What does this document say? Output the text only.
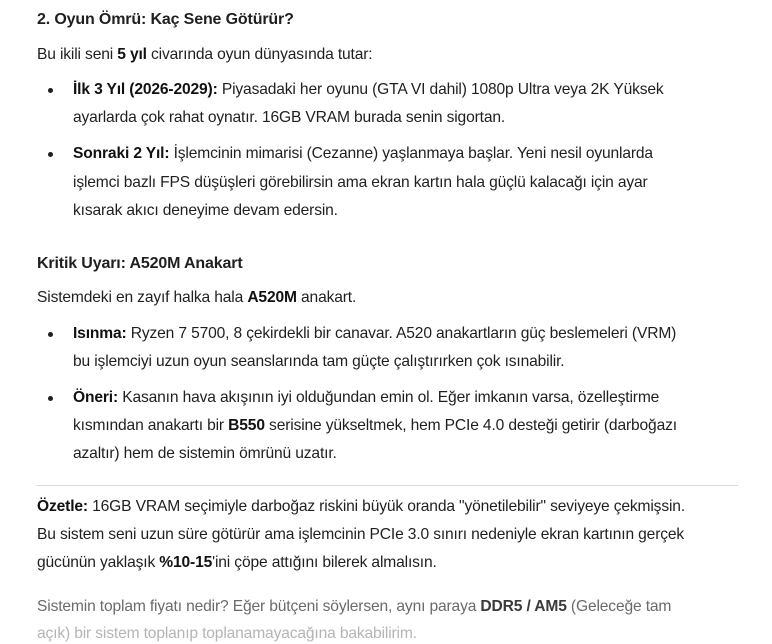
2. Oyun Ömrü: Kaç Sene Götürür?
Kritik Uyarı: A520M Anakart
Bu ikili seni 5 yıl civarında oyun dünyasında tutar:
İlk 3 Yıl (2026-2029): Piyasadaki her oyunu (GTA VI dahil) 1080p Ultra veya 2K Yüksek
ayarlarda çok rahat oynatır. 16GB VRAM burada senin sigortan.
Sonraki 2 Yıl: İşlemcinin mimarisi (Cezanne) yaşlanmaya başlar. Yeni nesil oyunlarda
işlemci bazlı FPS düşüşleri görebilirsin ama ekran kartın hala güçlü kalacağı için ayar
kısarak akıcı deneyime devam edersin.
Sistemdeki en zayıf halka hala A520M anakart.
Isınma: Ryzen 7 5700, 8 çekirdekli bir canavar. A520 anakartların güç beslemeleri (VRM)
bu işlemciyi uzun oyun seanslarında tam güçte çalıştırırken çok ısınabilir.
Öneri: Kasanın hava akışının iyi olduğundan emin ol. Eğer imkanın varsa, özelleştirme
kısmından anakartı bir B550 serisine yükseltmek, hem PCIe 4.0 desteği getirir (darboğazı
azaltır) hem de sistemin ömrünü uzatır.
Özetle: 16GB VRAM seçimiyle darboğaz riskini büyük oranda "yönetilebilir" seviyeye çekmişsin.
Bu sistem seni uzun süre götürür ama işlemcinin PCIe 3.0 sınırı nedeniyle ekran kartının gerçek
gücünün yaklaşık %10-15'ini çöpe attığını bilerek almalısın.
Sistemin toplam fiyatı nedir? Eğer bütçeni söylersen, aynı paraya DDR5 / AM5 (Geleceğe tam
açık) bir sistem toplanıp toplanamayacağına bakabilirim.
